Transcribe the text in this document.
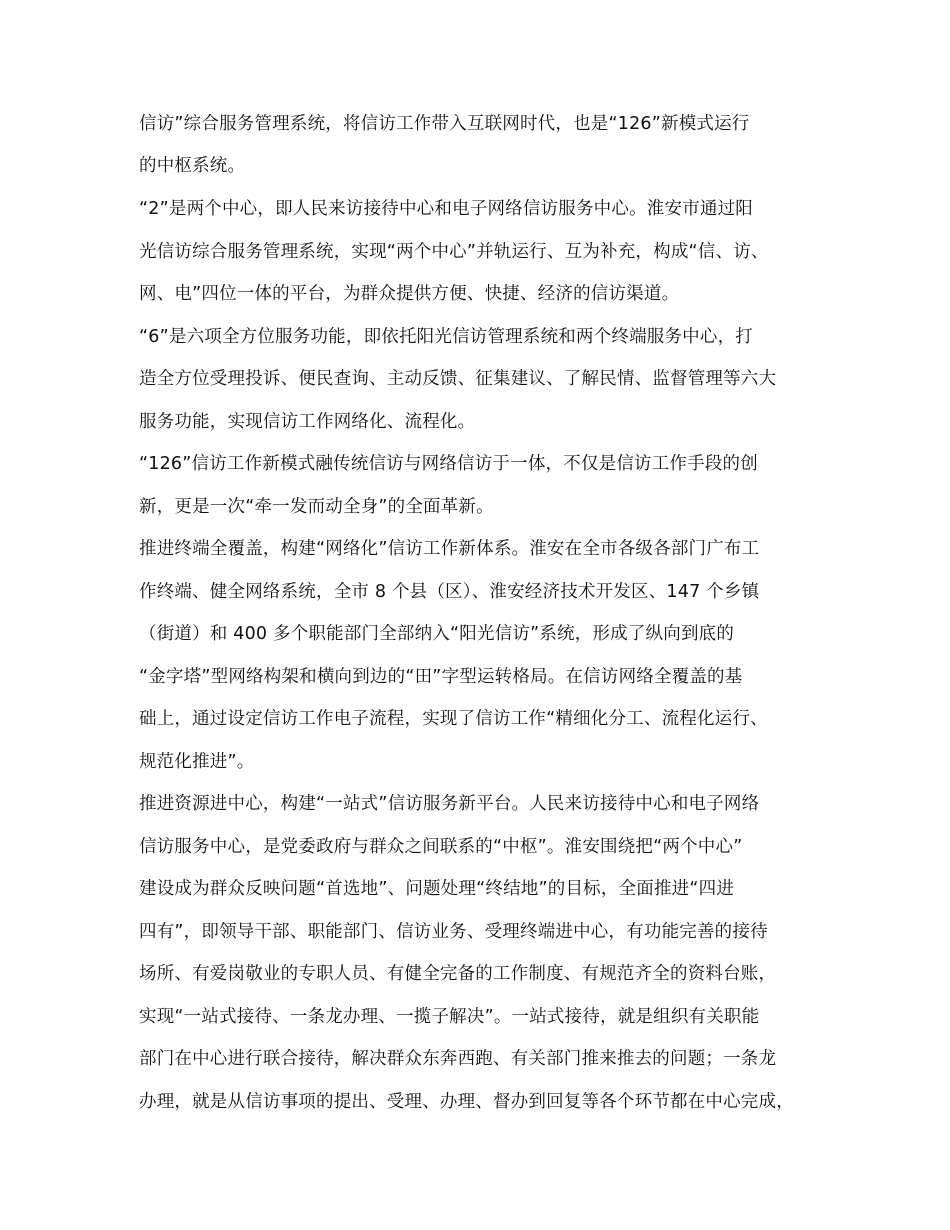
信访”综合服务管理系统，将信访工作带入互联网时代，也是“126”新模式运行
的中枢系统。
“2”是两个中心，即人民来访接待中心和电子网络信访服务中心。淮安市通过阳
光信访综合服务管理系统，实现“两个中心”并轨运行、互为补充，构成“信、访、
网、电”四位一体的平台，为群众提供方便、快捷、经济的信访渠道。
“6”是六项全方位服务功能，即依托阳光信访管理系统和两个终端服务中心，打
造全方位受理投诉、便民查询、主动反馈、征集建议、了解民情、监督管理等六大
服务功能，实现信访工作网络化、流程化。
“126”信访工作新模式融传统信访与网络信访于一体，不仅是信访工作手段的创
新，更是一次“牵一发而动全身”的全面革新。
推进终端全覆盖，构建“网络化”信访工作新体系。淮安在全市各级各部门广布工
作终端、健全网络系统，全市 8 个县（区）、淮安经济技术开发区、147 个乡镇
（街道）和 400 多个职能部门全部纳入“阳光信访”系统，形成了纵向到底的
“金字塔”型网络构架和横向到边的“田”字型运转格局。在信访网络全覆盖的基
础上，通过设定信访工作电子流程，实现了信访工作“精细化分工、流程化运行、
规范化推进”。
推进资源进中心，构建“一站式”信访服务新平台。人民来访接待中心和电子网络
信访服务中心，是党委政府与群众之间联系的“中枢”。淮安围绕把“两个中心”
建设成为群众反映问题“首选地”、问题处理“终结地”的目标，全面推进“四进
四有”，即领导干部、职能部门、信访业务、受理终端进中心，有功能完善的接待
场所、有爱岗敬业的专职人员、有健全完备的工作制度、有规范齐全的资料台账，
实现“一站式接待、一条龙办理、一揽子解决”。一站式接待，就是组织有关职能
部门在中心进行联合接待，解决群众东奔西跑、有关部门推来推去的问题；一条龙
办理，就是从信访事项的提出、受理、办理、督办到回复等各个环节都在中心完成，
